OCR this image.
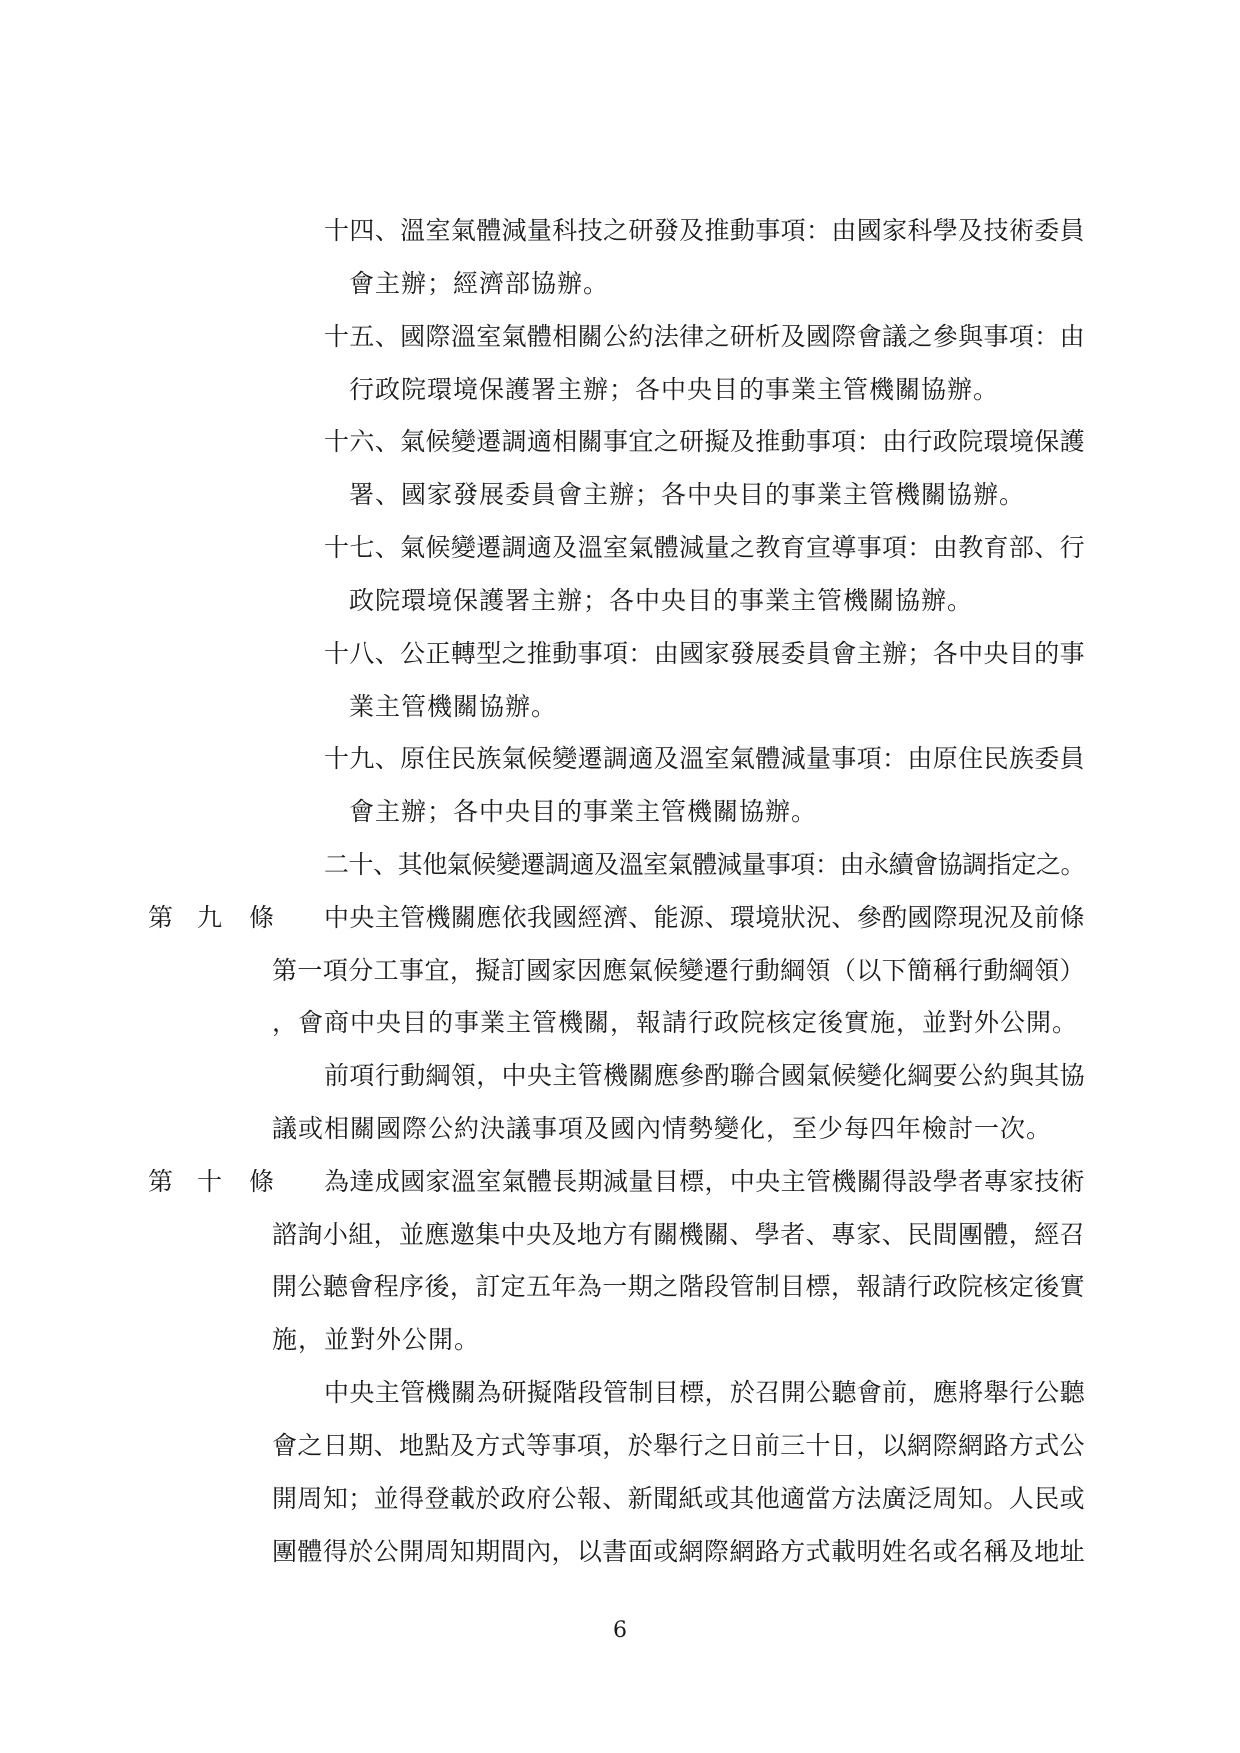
十四、溫室氣體減量科技之研發及推動事項：由國家科學及技術委員
會主辦；經濟部協辦。
十五、國際溫室氣體相關公約法律之研析及國際會議之參與事項：由
行政院環境保護署主辦；各中央目的事業主管機關協辦。
十六、氣候變遷調適相關事宜之研擬及推動事項：由行政院環境保護
署、國家發展委員會主辦；各中央目的事業主管機關協辦。
十七、氣候變遷調適及溫室氣體減量之教育宣導事項：由教育部、行
政院環境保護署主辦；各中央目的事業主管機關協辦。
十八、公正轉型之推動事項：由國家發展委員會主辦；各中央目的事
業主管機關協辦。
十九、原住民族氣候變遷調適及溫室氣體減量事項：由原住民族委員
會主辦；各中央目的事業主管機關協辦。
二十、其他氣候變遷調適及溫室氣體減量事項：由永續會協調指定之。
第 九 條 中央主管機關應依我國經濟、能源、環境狀況、參酌國際現況及前條
第一項分工事宜，擬訂國家因應氣候變遷行動綱領（以下簡稱行動綱領）
，會商中央目的事業主管機關，報請行政院核定後實施，並對外公開。
前項行動綱領，中央主管機關應參酌聯合國氣候變化綱要公約與其協
議或相關國際公約決議事項及國內情勢變化，至少每四年檢討一次。
第 十 條 為達成國家溫室氣體長期減量目標，中央主管機關得設學者專家技術
諮詢小組，並應邀集中央及地方有關機關、學者、專家、民間團體，經召
開公聽會程序後，訂定五年為一期之階段管制目標，報請行政院核定後實
施，並對外公開。
中央主管機關為研擬階段管制目標，於召開公聽會前，應將舉行公聽
會之日期、地點及方式等事項，於舉行之日前三十日，以網際網路方式公
開周知；並得登載於政府公報、新聞紙或其他適當方法廣泛周知。人民或
團體得於公開周知期間內，以書面或網際網路方式載明姓名或名稱及地址
6
